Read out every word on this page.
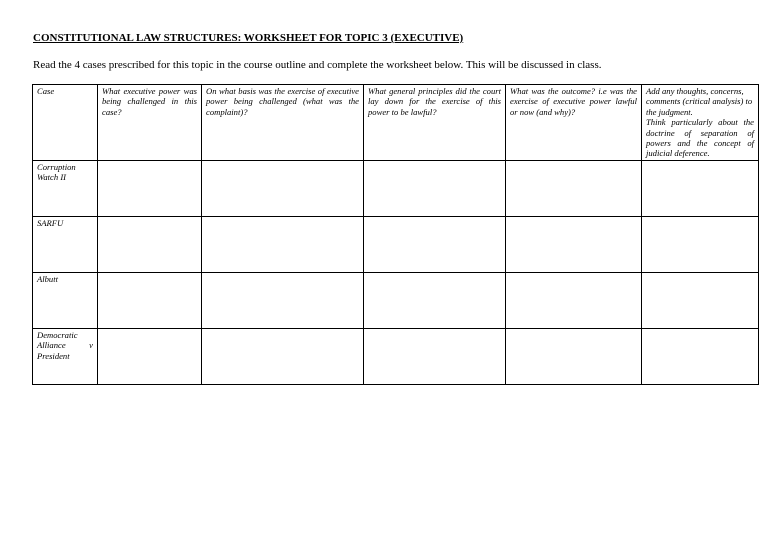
CONSTITUTIONAL LAW STRUCTURES: WORKSHEET FOR TOPIC 3 (EXECUTIVE)
Read the 4 cases prescribed for this topic in the course outline and complete the worksheet below. This will be discussed in class.
Case	What executive power was being challenged in this case?	On what basis was the exercise of executive power being challenged (what was the complaint)?	What general principles did the court lay down for the exercise of this power to be lawful?	What was the outcome? i.e was the exercise of executive power lawful or now (and why)?	Add any thoughts, concerns, comments (critical analysis) to the judgment.
Think particularly about the doctrine of separation of powers and the concept of judicial deference.

Corruption Watch II					
SARFU					
Albutt					

Democratic Alliance v President					
